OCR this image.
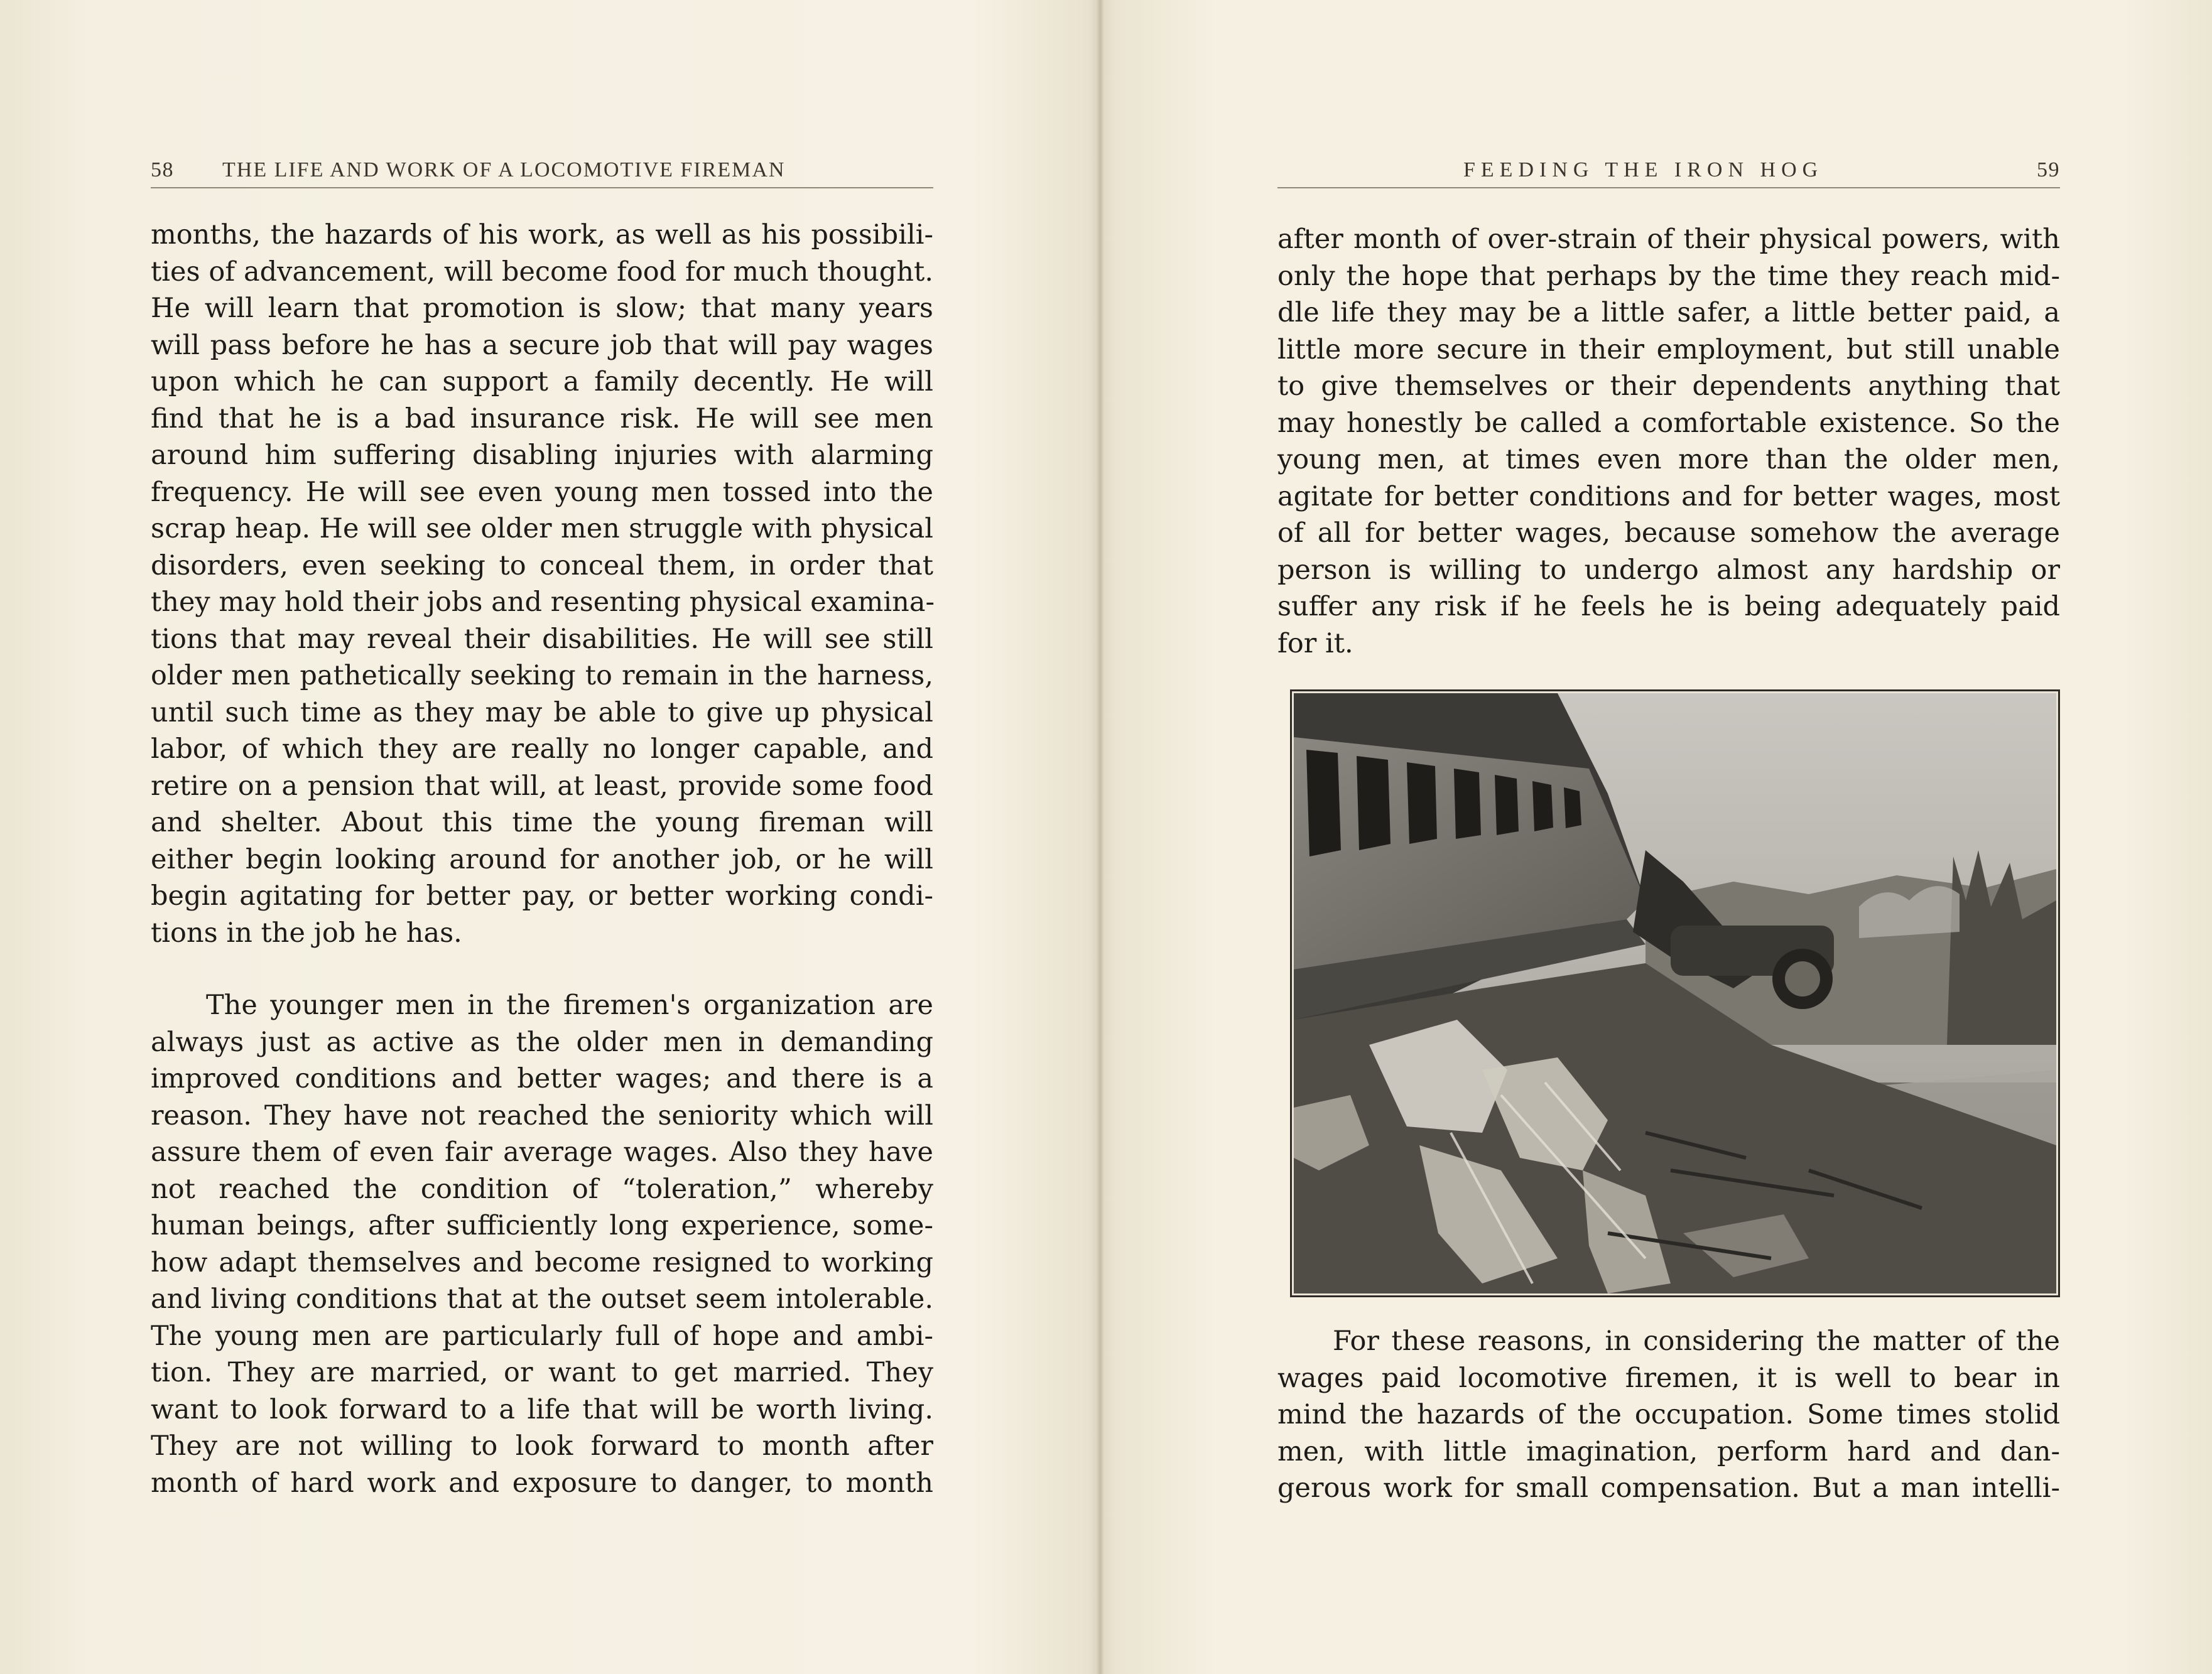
58 THE LIFE AND WORK OF A LOCOMOTIVE FIREMAN
months, the hazards of his work, as well as his possibili-
ties of advancement, will become food for much thought.
He will learn that promotion is slow; that many years
will pass before he has a secure job that will pay wages
upon which he can support a family decently. He will
find that he is a bad insurance risk. He will see men
around him suffering disabling injuries with alarming
frequency. He will see even young men tossed into the
scrap heap. He will see older men struggle with physical
disorders, even seeking to conceal them, in order that
they may hold their jobs and resenting physical examina-
tions that may reveal their disabilities. He will see still
older men pathetically seeking to remain in the harness,
until such time as they may be able to give up physical
labor, of which they are really no longer capable, and
retire on a pension that will, at least, provide some food
and shelter. About this time the young fireman will
either begin looking around for another job, or he will
begin agitating for better pay, or better working condi-
tions in the job he has.
The younger men in the firemen's organization are
always just as active as the older men in demanding
improved conditions and better wages; and there is a
reason. They have not reached the seniority which will
assure them of even fair average wages. Also they have
not reached the condition of “toleration,” whereby
human beings, after sufficiently long experience, some-
how adapt themselves and become resigned to working
and living conditions that at the outset seem intolerable.
The young men are particularly full of hope and ambi-
tion. They are married, or want to get married. They
want to look forward to a life that will be worth living.
They are not willing to look forward to month after
month of hard work and exposure to danger, to month
FEEDING THE IRON HOG	59
after month of over-strain of their physical powers, with
only the hope that perhaps by the time they reach mid-
dle life they may be a little safer, a little better paid, a
little more secure in their employment, but still unable
to give themselves or their dependents anything that
may honestly be called a comfortable existence. So the
young men, at times even more than the older men,
agitate for better conditions and for better wages, most
of all for better wages, because somehow the average
person is willing to undergo almost any hardship or
suffer any risk if he feels he is being adequately paid
for it.
For these reasons, in considering the matter of the
wages paid locomotive firemen, it is well to bear in
mind the hazards of the occupation. Some times stolid
men, with little imagination, perform hard and dan-
gerous work for small compensation. But a man intelli-
